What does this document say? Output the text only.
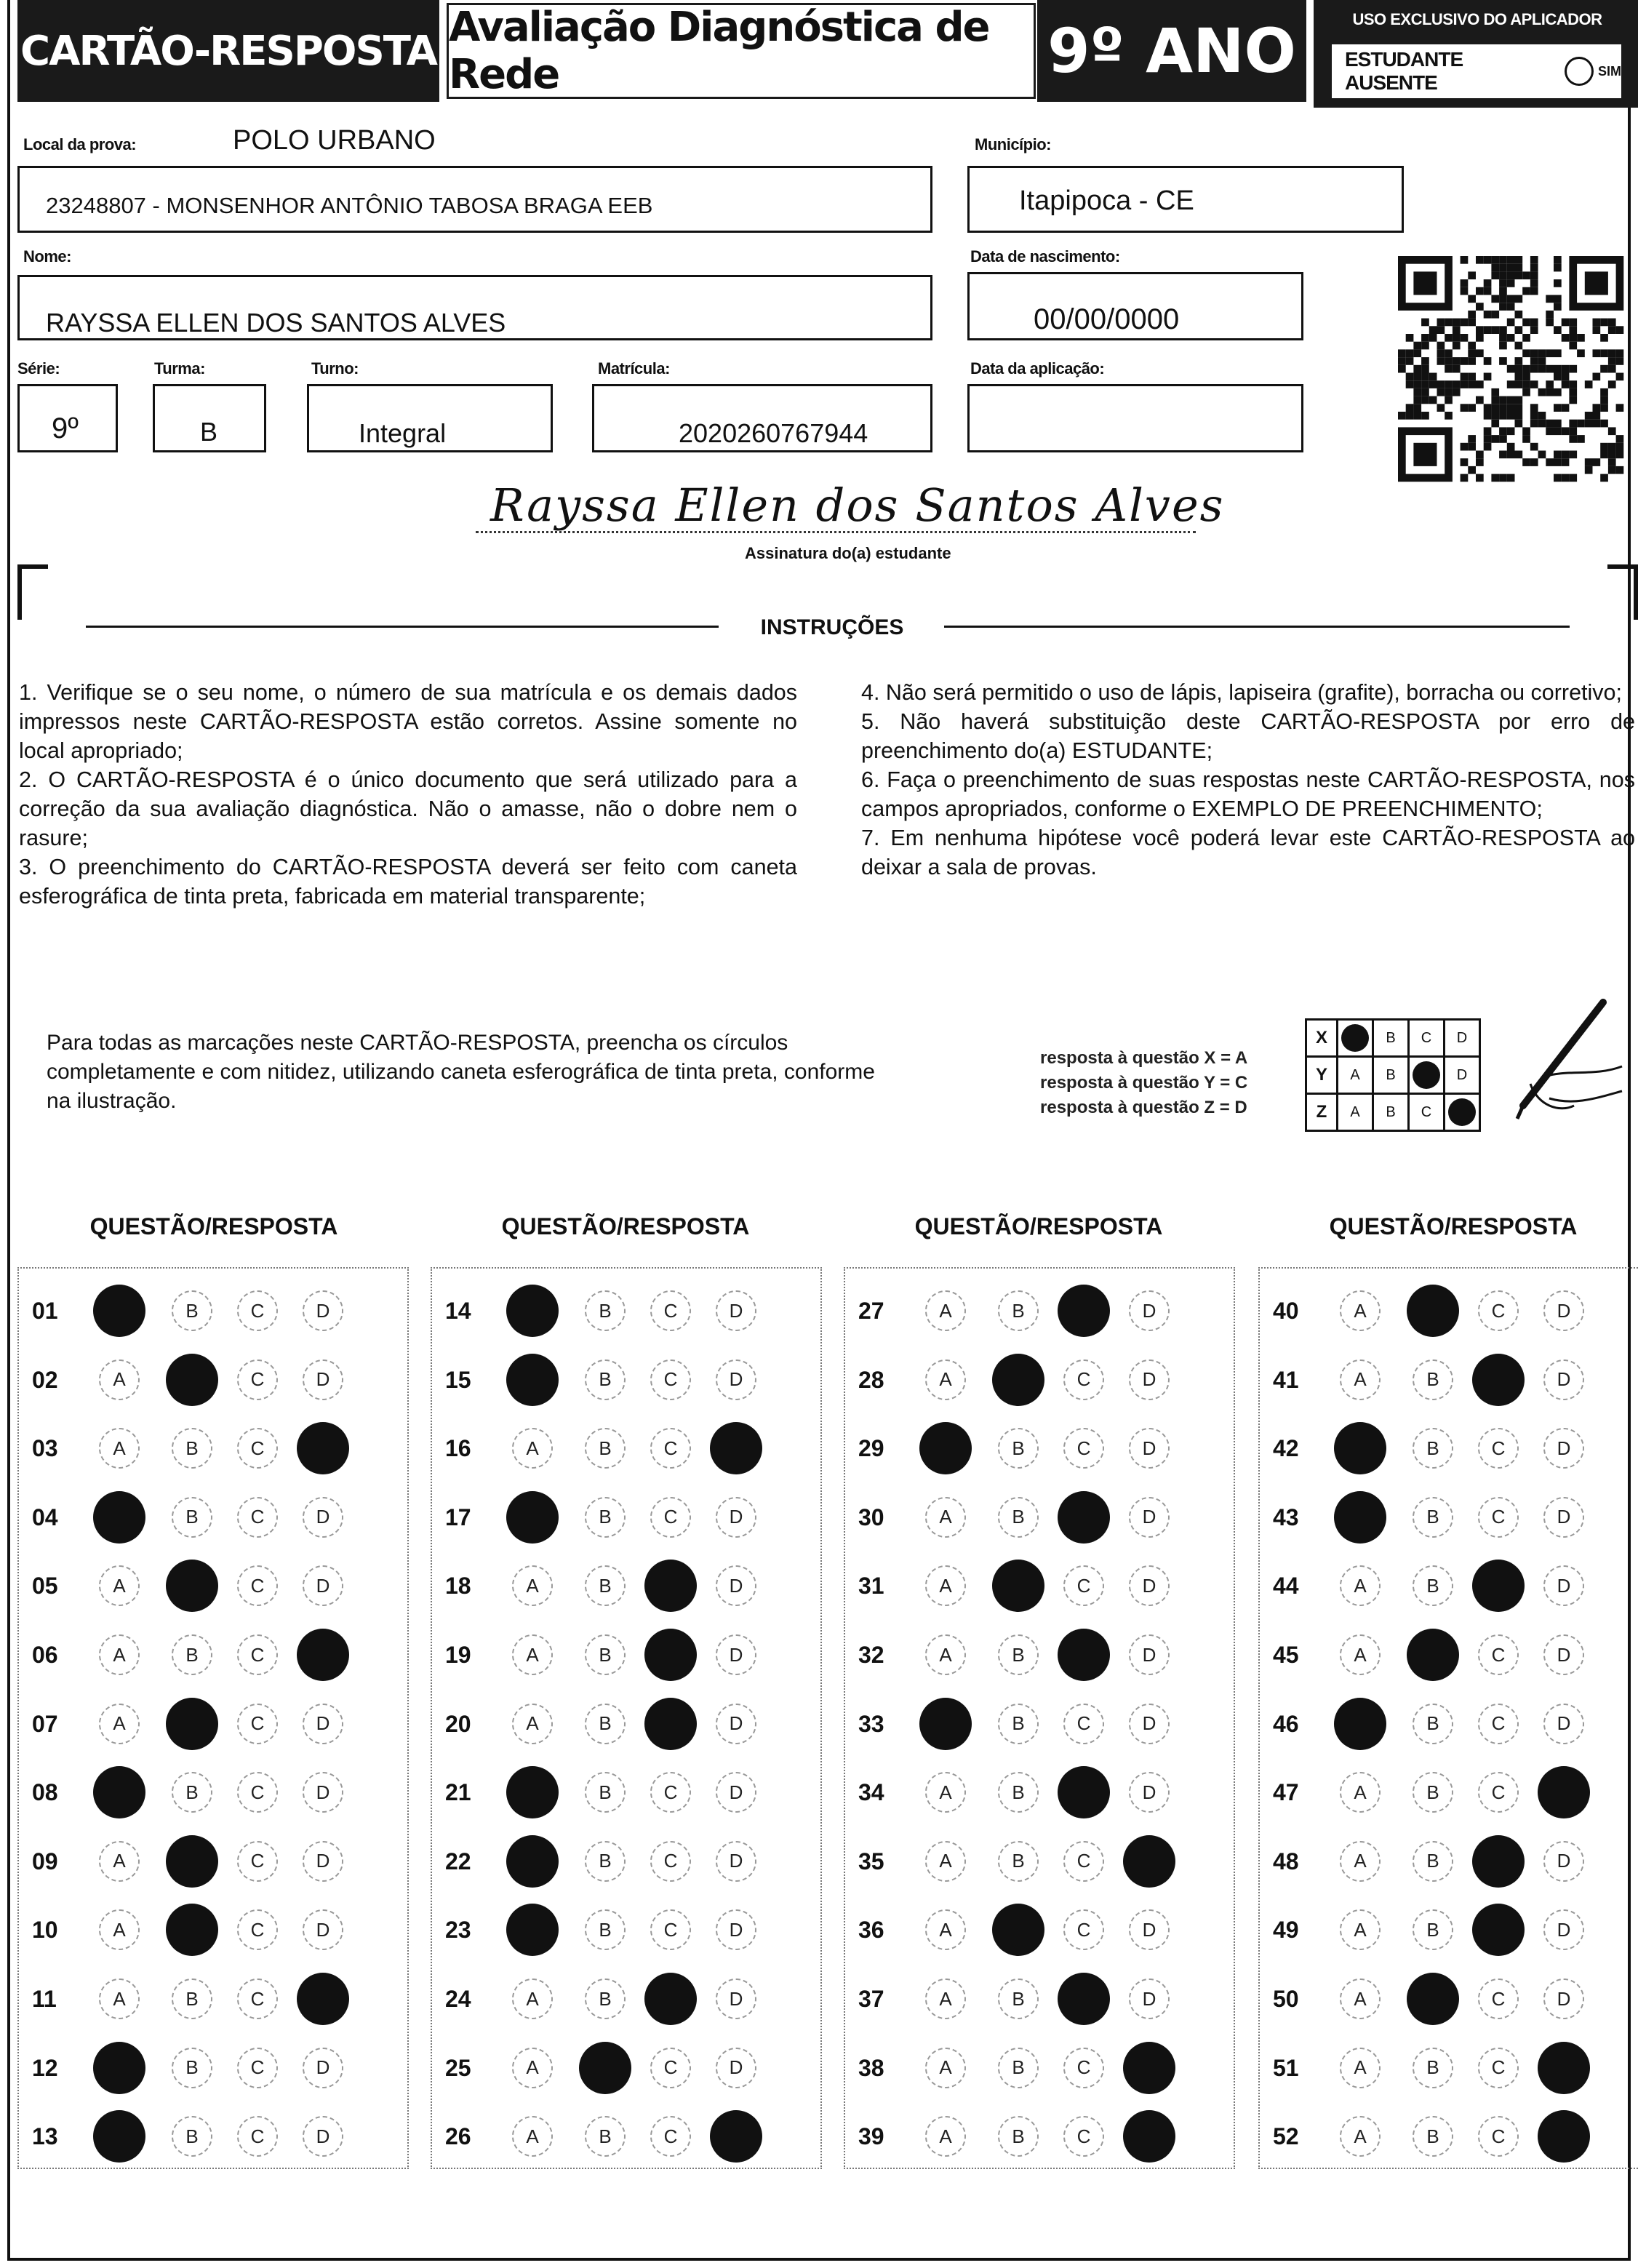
CARTÃO-RESPOSTA Avaliação Diagnóstica de Rede	9º ANO	USO EXCLUSIVO DO APLICADOR
ESTUDANTE AUSENTE
SIM
Local da prova:	POLO URBANO
23248807 - MONSENHOR ANTÔNIO TABOSA BRAGA EEB
Município:
Itapipoca - CE
Nome:
RAYSSA ELLEN DOS SANTOS ALVES
Data de nascimento:
00/00/0000
Série:
9º
Turma:
B
Turno:
Integral
Matrícula:
2020260767944
Data da aplicação:
Rayssa Ellen dos Santos Alves
Assinatura do(a) estudante
INSTRUÇÕES

1. Verifique se o seu nome, o número de sua matrícula e os demais dados impressos neste CARTÃO-RESPOSTA estão corretos. Assine somente no local apropriado;

2. O CARTÃO-RESPOSTA é o único documento que será utilizado para a correção da sua avaliação diagnóstica. Não o amasse, não o dobre nem o rasure;

3. O preenchimento do CARTÃO-RESPOSTA deverá ser feito com caneta esferográfica de tinta preta, fabricada em material transparente;

4. Não será permitido o uso de lápis, lapiseira (grafite), borracha ou corretivo;

5. Não haverá substituição deste CARTÃO-RESPOSTA por erro de preenchimento do(a) ESTUDANTE;

6. Faça o preenchimento de suas respostas neste CARTÃO-RESPOSTA, nos campos apropriados, conforme o EXEMPLO DE PREENCHIMENTO;

7. Em nenhuma hipótese você poderá levar este CARTÃO-RESPOSTA ao deixar a sala de provas.

Para todas as marcações neste CARTÃO-RESPOSTA, preencha os círculos completamente e com nitidez, utilizando caneta esferográfica de tinta preta, conforme na ilustração.
resposta à questão X = A
resposta à questão Y = C
resposta à questão Z = D
X		B	C	D
Y	A	B		D
Z	A	B	C	
QUESTÃO/RESPOSTA	QUESTÃO/RESPOSTA	QUESTÃO/RESPOSTA	QUESTÃO/RESPOSTA
01	B	C	D
02	A	C	D
03	A	B	C
04	B	C	D
05	A	C	D
06	A	B	C
07	A	C	D
08	B	C	D
09	A	C	D
10	A	C	D
11	A	B	C
12	B	C	D
13	B	C	D
14	B	C	D
15	B	C	D
16	A	B	C
17	B	C	D
18	A	B	D
19	A	B	D
20	A	B	D
21	B	C	D
22	B	C	D
23	B	C	D
24	A	B	D
25	A	C	D
26	A	B	C
27	A	B	D
28	A	C	D
29	B	C	D
30	A	B	D
31	A	C	D
32	A	B	D
33	B	C	D
34	A	B	D
35	A	B	C
36	A	C	D
37	A	B	D
38	A	B	C
39	A	B	C
40	A	C	D
41	A	B	D
42	B	C	D
43	B	C	D
44	A	B	D
45	A	C	D
46	B	C	D
47	A	B	C
48	A	B	D
49	A	B	D
50	A	C	D
51	A	B	C
52	A	B	C
